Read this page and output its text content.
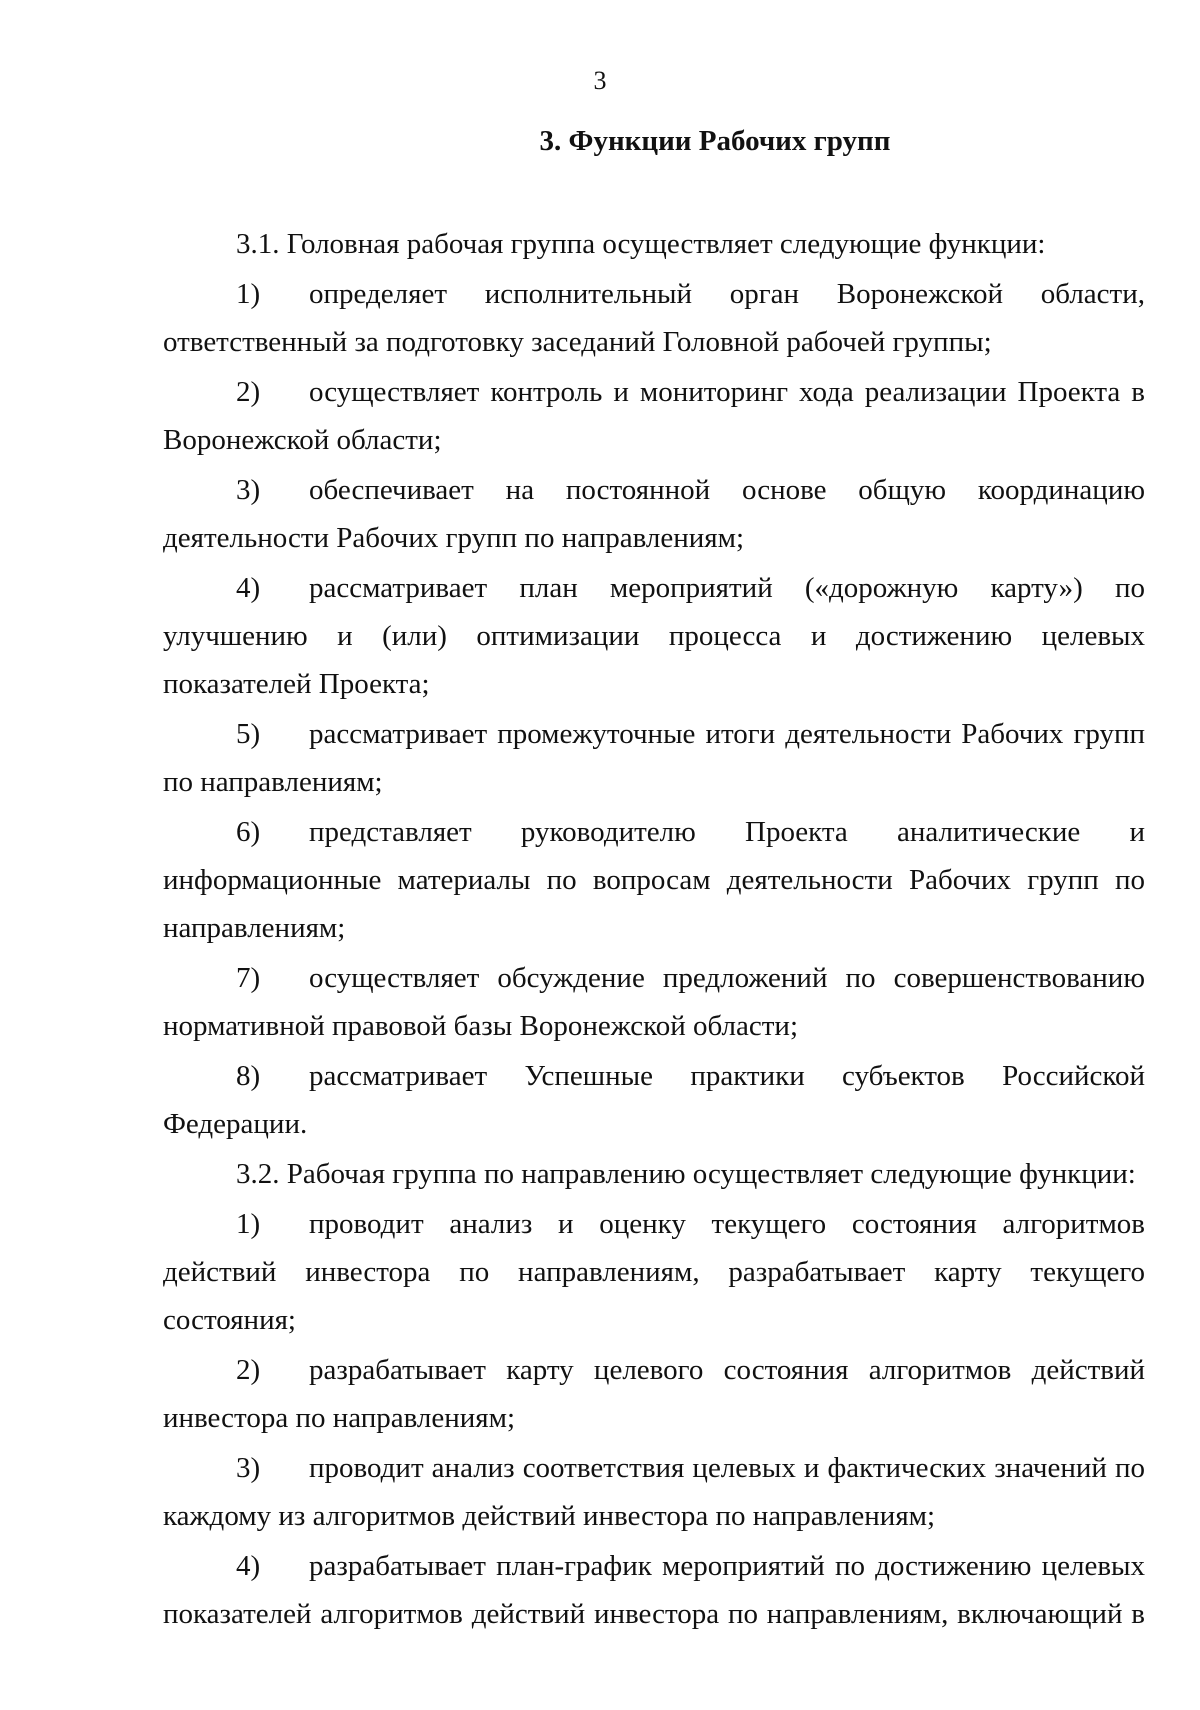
3
3. Функции Рабочих групп

3.1. Головная рабочая группа осуществляет следующие функции:

1) определяет исполнительный орган Воронежской области, ответственный за подготовку заседаний Головной рабочей группы;

2) осуществляет контроль и мониторинг хода реализации Проекта в Воронежской области;

3) обеспечивает на постоянной основе общую координацию деятельности Рабочих групп по направлениям;

4) рассматривает план мероприятий («дорожную карту») по улучшению и (или) оптимизации процесса и достижению целевых показателей Проекта;

5) рассматривает промежуточные итоги деятельности Рабочих групп по направлениям;

6) представляет руководителю Проекта аналитические и информационные материалы по вопросам деятельности Рабочих групп по направлениям;

7) осуществляет обсуждение предложений по совершенствованию нормативной правовой базы Воронежской области;

8) рассматривает Успешные практики субъектов Российской Федерации.

3.2. Рабочая группа по направлению осуществляет следующие функции:

1) проводит анализ и оценку текущего состояния алгоритмов действий инвестора по направлениям, разрабатывает карту текущего состояния;

2) разрабатывает карту целевого состояния алгоритмов действий инвестора по направлениям;

3) проводит анализ соответствия целевых и фактических значений по каждому из алгоритмов действий инвестора по направлениям;

4) разрабатывает план-график мероприятий по достижению целевых показателей алгоритмов действий инвестора по направлениям, включающий в
